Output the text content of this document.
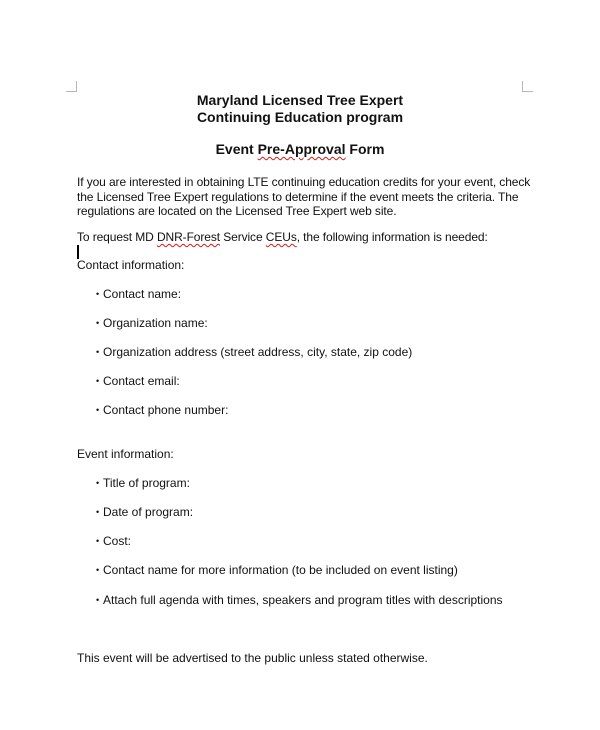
Maryland Licensed Tree Expert
Continuing Education program
Event Pre-Approval Form
If you are interested in obtaining LTE continuing education credits for your event, check the Licensed Tree Expert regulations to determine if the event meets the criteria. The regulations are located on the Licensed Tree Expert web site.
To request MD DNR-Forest Service CEUs, the following information is needed:
Contact information:
• Contact name:
• Organization name:
• Organization address (street address, city, state, zip code)
• Contact email:
• Contact phone number:
Event information:
• Title of program:
• Date of program:
• Cost:
• Contact name for more information (to be included on event listing)
• Attach full agenda with times, speakers and program titles with descriptions
This event will be advertised to the public unless stated otherwise.
